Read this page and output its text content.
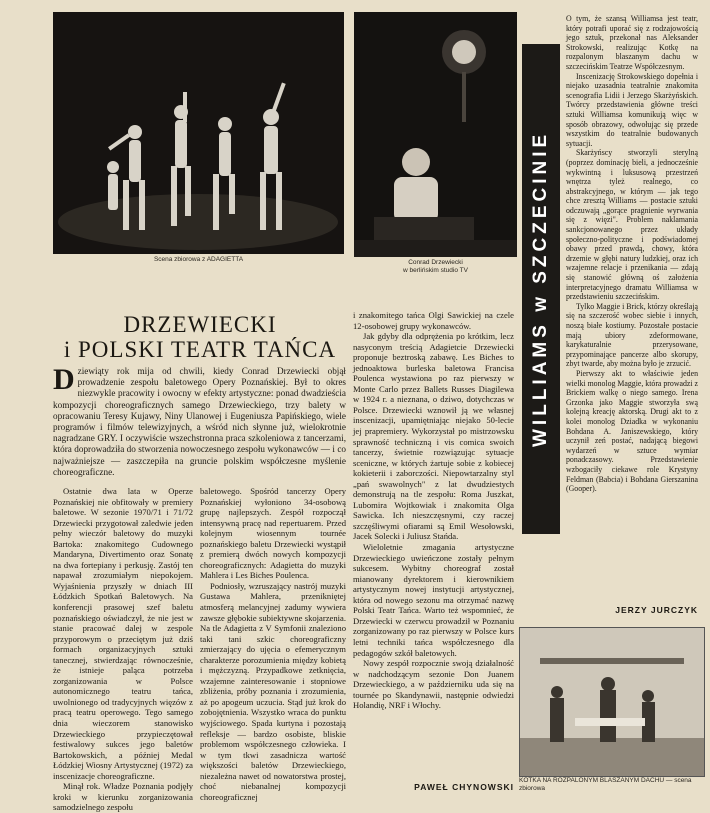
Scena zbiorowa z ADAGIETTA	Conrad Drzewiecki
w berlińskim studio TV
DRZEWIECKI
i POLSKI TEATR TAŃCA
Dziewiąty rok mija od chwili, kiedy Conrad Drzewiecki objął prowadzenie zespołu baletowego Opery Poznańskiej. Był to okres niezwykle pracowity i owocny w efekty artystyczne: ponad dwadzieścia kompozycji choreograficznych samego Drzewieckiego, trzy balety w opracowaniu Teresy Kujawy, Niny Ulanowej i Eugeniusza Papińskiego, wiele programów i filmów telewizyjnych, a wśród nich słynne już, wielokrotnie nagradzane GRY. I oczywiście wszechstronna praca szkoleniowa z tancerzami, która doprowadziła do stworzenia nowoczesnego zespołu wykonawców — i co najważniejsze — zaszczepiła na gruncie polskim współczesne myślenie choreograficzne.

Ostatnie dwa lata w Operze Poznańskiej nie obfitowały w premiery baletowe. W sezonie 1970/71 i 71/72 Drzewiecki przygotował zaledwie jeden pełny wieczór baletowy do muzyki Bartoka: znakomitego Cudownego Mandaryna, Divertimento oraz Sonatę na dwa fortepiany i perkusję. Zastój ten napawał zrozumiałym niepokojem. Wyjaśnienia przyszły w dniach III Łódzkich Spotkań Baletowych. Na konferencji prasowej szef baletu poznańskiego oświadczył, że nie jest w stanie pracować dalej w zespole przyporowym o przeciętym już dziś formach organizacyjnych sztuki tanecznej, stwierdzając równocześnie, że istnieje paląca potrzeba zorganizowania w Polsce autonomicznego teatru tańca, uwolnionego od tradycyjnych więzów z pracą teatru operowego. Tego samego dnia wieczorem stanowisko Drzewieckiego przypieczętował festiwalowy sukces jego baletów Bartokowskich, a później Medal Łódzkiej Wiosny Artystycznej (1972) za inscenizacje choreograficzne.

Minął rok. Władze Poznania podjęły kroki w kierunku zorganizowania samodzielnego zespołu

baletowego. Spośród tancerzy Opery Poznańskiej wyłoniono 34-osobową grupę najlepszych. Zespół rozpoczął intensywną pracę nad repertuarem. Przed kolejnym wiosennym tournée poznańskiego baletu Drzewiecki wystąpił z premierą dwóch nowych kompozycji choreograficznych: Adagietta do muzyki Mahlera i Les Biches Poulenca.

Podniosły, wzruszający nastrój muzyki Gustawa Mahlera, przenikniętej atmosferą melancyjnej zadumy wywiera zawsze głębokie subiektywne skojarzenia. Na tle Adagietta z V Symfonii znaleziono taki tani szkic choreograficzny zmierzający do ujęcia o efemerycznym charakterze porozumienia między kobietą i mężczyzną. Przypadkowe zetknięcia, wzajemne zainteresowanie i stopniowe zbliżenia, próby poznania i zrozumienia, aż po apogeum uczucia. Stąd już krok do zobojętnienia. Wszystko wraca do punktu wyjściowego. Spada kurtyna i pozostają refleksje — bardzo osobiste, bliskie problemom współczesnego człowieka. I w tym tkwi zasadnicza wartość większości baletów Drzewieckiego, niezależna nawet od nowatorstwa prostej, choć niebanalnej kompozycji choreograficznej

i znakomitego tańca Olgi Sawickiej na czele 12-osobowej grupy wykonawców.

Jak gdyby dla odprężenia po krótkim, lecz nasyconym treścią Adagietcie Drzewiecki proponuje beztroską zabawę. Les Biches to jednoaktowa burleska baletowa Francisa Poulenca wystawiona po raz pierwszy w Monte Carlo przez Ballets Russes Diagilewa w 1924 r. a nieznana, o dziwo, dotychczas w Polsce. Drzewiecki wznowił ją we własnej inscenizacji, upamiętniając niejako 50-lecie jej prapremiery. Wykorzystał po mistrzowsku sprawność techniczną i vis comica swoich tancerzy, świetnie rozwiązując sytuacje sceniczne, w których żartuje sobie z kobiecej kokieterii i zaborczości. Niepowtarzalny styl „pań swawolnych" z lat dwudziestych demonstrują na tle zespołu: Roma Juszkat, Lubomira Wojtkowiak i znakomita Olga Sawicka. Ich nieszczęsnymi, czy raczej szczęśliwymi ofiarami są Emil Wesołowski, Jacek Solecki i Juliusz Stańda.

Wieloletnie zmagania artystyczne Drzewieckiego uwieńczone zostały pełnym sukcesem. Wybitny choreograf został mianowany dyrektorem i kierownikiem artystycznym nowej instytucji artystycznej, która od nowego sezonu ma otrzymać nazwę Polski Teatr Tańca. Warto też wspomnieć, że Drzewiecki w czerwcu prowadził w Poznaniu zorganizowany po raz pierwszy w Polsce kurs letni techniki tańca współczesnego dla pedagogów szkół baletowych.

Nowy zespół rozpocznie swoją działalność w nadchodzącym sezonie Don Juanem Drzewieckiego, a w październiku uda się na tournée po Skandynawii, następnie odwiedzi Holandię, NRF i Włochy.

PAWEŁ CHYNOWSKI
WILLIAMS w SZCZECINIE

O tym, że szansą Williamsa jest teatr, który potrafi uporać się z rodzajowością jego sztuk, przekonał nas Aleksander Strokowski, realizując Kotkę na rozpalonym blaszanym dachu w szczecińskim Teatrze Współczesnym.

Inscenizację Strokowskiego dopełnia i niejako uzasadnia teatralnie znakomita scenografia Lidii i Jerzego Skarżyńskich. Twórcy przedstawienia główne treści sztuki Williamsa komunikują więc w sposób obrazowy, odwołując się przede wszystkim do teatralnie budowanych sytuacji.

Skarżyńscy stworzyli sterylną (poprzez dominację bieli, a jednocześnie wykwintną i luksusową przestrzeń wnętrza tyleż realnego, co abstrakcyjnego, w którym — jak tego chce zresztą Williams — postacie sztuki odczuwają „gorące pragnienie wyrwania się z więzi". Problem naklamania sankcjonowanego przez układy społeczno-polityczne i podświadomej obawy przed prawdą, chowy, która drzemie w głębi natury ludzkiej, oraz ich wzajemne relacje i przenikania — zdają się stanowić główną oś założenia interpretacyjnego dramatu Williamsa w przedstawieniu szczecińskim.

Tylko Maggie i Brick, którzy określają się na szczerość wobec siebie i innych, noszą białe kostiumy. Pozostałe postacie mają ubiory zdeformowane, karykaturalnie przerysowane, przypominające pancerze albo skorupy, zbyt twarde, aby można było je zrzucić.

Pierwszy akt to właściwie jeden wielki monolog Maggie, która prowadzi z Brickiem walkę o niego samego. Irena Grzonka jako Maggie stworzyła swą kolejną kreację aktorską. Drugi akt to z kolei monolog Dziadka w wykonaniu Bohdana A. Janiszewskiego, który uczynił zeń postać, nadającą biegowi wydarzeń w sztuce wymiar ponadczasowy. Przedstawienie wzbogaciły ciekawe role Krystyny Feldman (Babcia) i Bohdana Gierszanina (Gooper).

JERZY JURCZYK
KOTKA NA ROZPALONYM BLASZANYM DACHU — scena zbiorowa
